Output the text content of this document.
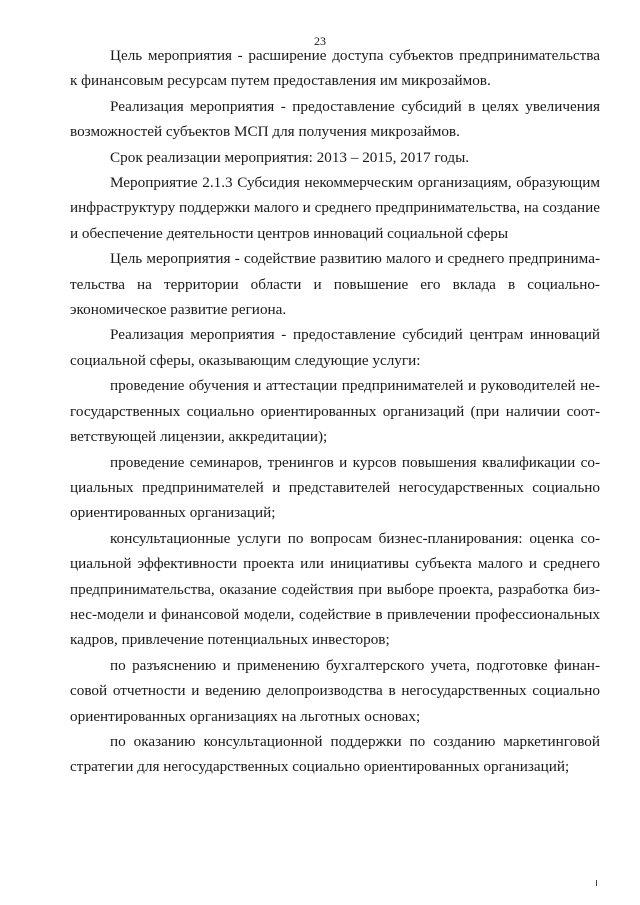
23

Цель мероприятия - расширение доступа субъектов предпринимательства к финансовым ресурсам путем предоставления им микрозаймов.

Реализация мероприятия - предоставление субсидий в целях увеличения возможностей субъектов МСП для получения микрозаймов.

Срок реализации мероприятия: 2013 – 2015, 2017 годы.

Мероприятие 2.1.3 Субсидия некоммерческим организациям, образующим инфраструктуру поддержки малого и среднего предпринимательства, на создание и обеспечение деятельности центров инноваций социальной сферы

Цель мероприятия - содействие развитию малого и среднего предпринимательства на территории области и повышение его вклада в социально-экономическое развитие региона.

Реализация мероприятия - предоставление субсидий центрам инноваций социальной сферы, оказывающим следующие услуги:

проведение обучения и аттестации предпринимателей и руководителей негосударственных социально ориентированных организаций (при наличии соответствующей лицензии, аккредитации);

проведение семинаров, тренингов и курсов повышения квалификации социальных предпринимателей и представителей негосударственных социально ориентированных организаций;

консультационные услуги по вопросам бизнес-планирования: оценка социальной эффективности проекта или инициативы субъекта малого и среднего предпринимательства, оказание содействия при выборе проекта, разработка бизнес-модели и финансовой модели, содействие в привлечении профессиональных кадров, привлечение потенциальных инвесторов;

по разъяснению и применению бухгалтерского учета, подготовке финансовой отчетности и ведению делопроизводства в негосударственных социально ориентированных организациях на льготных основах;

по оказанию консультационной поддержки по созданию маркетинговой стратегии для негосударственных социально ориентированных организаций;
